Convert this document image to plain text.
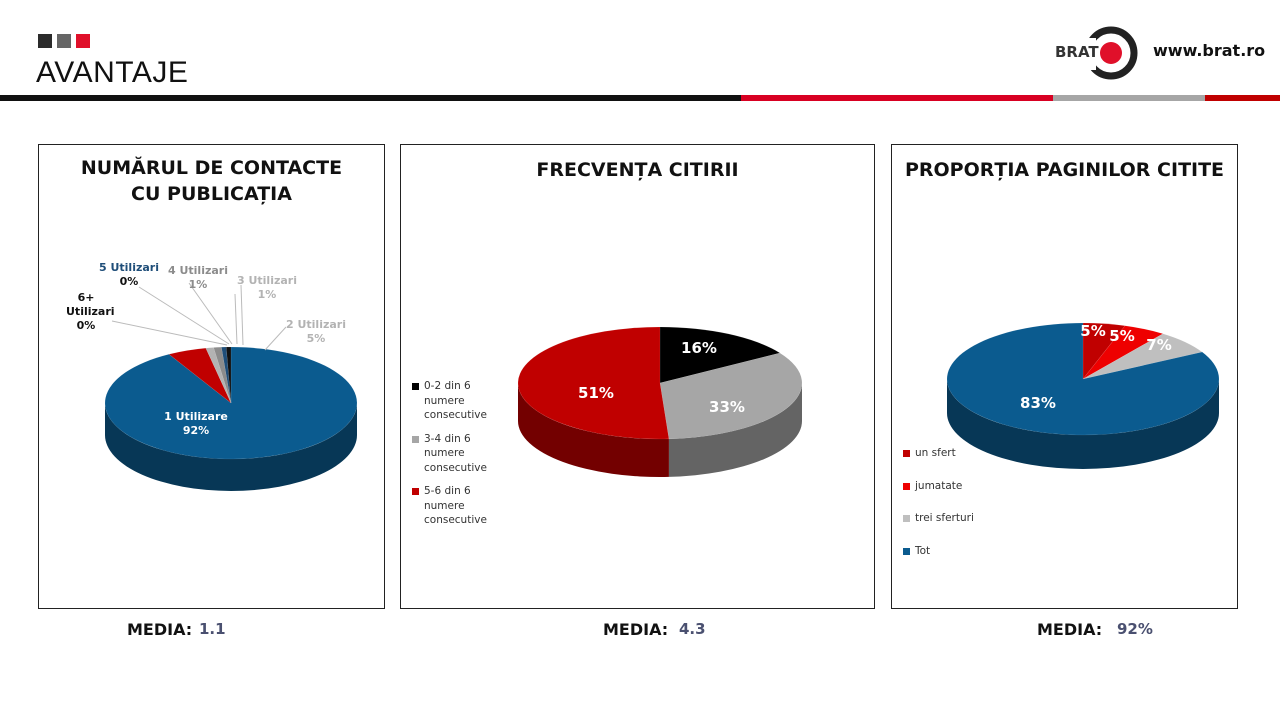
AVANTAJE
BRAT	www.brat.ro
NUMĂRUL DE CONTACTE
CU PUBLICAȚIA
6+ Utilizari
0%
5 Utilizari
0%
4 Utilizari
1%	3 Utilizari
1%
2 Utilizari
5%
1 Utilizare
92%
MEDIA: 1.1
FRECVENȚA CITIRII
0-2 din 6 numere consecutive
3-4 din 6 numere consecutive
5-6 din 6 numere consecutive
16%
33%
51%
MEDIA: 4.3
PROPORȚIA PAGINILOR CITITE
un sfert
jumatate
trei sferturi
Tot
5% 5% 7%
83%
MEDIA: 92%
